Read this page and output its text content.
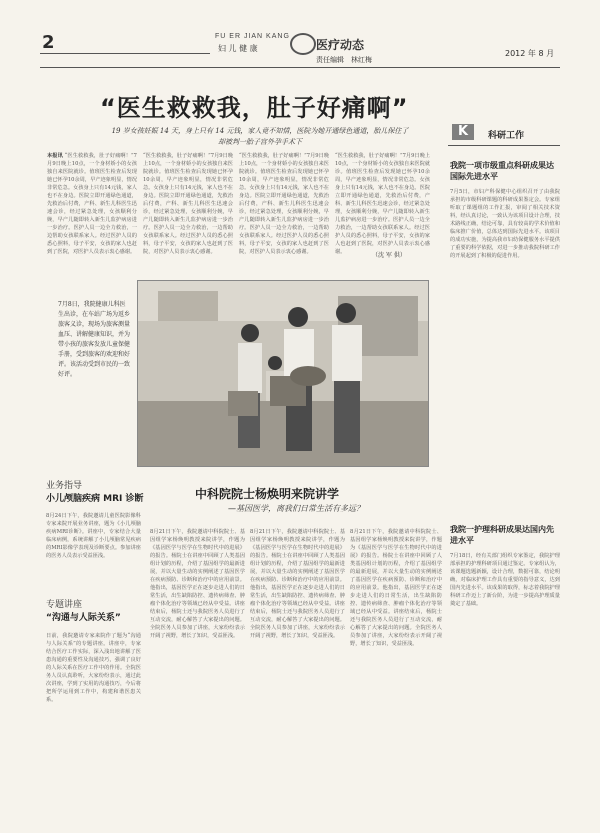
2	FU ER JIAN KANG
妇 儿 健 康	医疗动态
责任编辑　林红梅
2012 年 8 月
“医生救救我，肚子好痛啊”
19 岁女孩妊娠 14 天，身上只有 14 元钱，家人竟不知情，医院为她开通绿色通道，胎儿保住了却被判一胎子宫外孕手术下
本报讯 “医生救救我，肚子好痛啊！”7月9日晚上10点，一个身材娇小的女孩独自来医院就诊。值班医生检查后发现她已怀孕10余周，早产迹象明显，情况非常危急。女孩身上只有14元钱，家人也不在身边。医院立即开通绿色通道，先救治后付费，产科、新生儿科医生迅速会诊，经过紧急处理，女孩顺利分娩，早产儿随即转入新生儿监护病房进一步治疗。医护人员一边全力救治，一边帮助女孩联系家人。经过医护人员的悉心照料，母子平安，女孩的家人也赶到了医院，对医护人员表示衷心感谢。
“医生救救我，肚子好痛啊！”7月9日晚上10点，一个身材娇小的女孩独自来医院就诊。值班医生检查后发现她已怀孕10余周，早产迹象明显，情况非常危急。女孩身上只有14元钱，家人也不在身边。医院立即开通绿色通道，先救治后付费，产科、新生儿科医生迅速会诊，经过紧急处理，女孩顺利分娩，早产儿随即转入新生儿监护病房进一步治疗。医护人员一边全力救治，一边帮助女孩联系家人。经过医护人员的悉心照料，母子平安，女孩的家人也赶到了医院，对医护人员表示衷心感谢。
“医生救救我，肚子好痛啊！”7月9日晚上10点，一个身材娇小的女孩独自来医院就诊。值班医生检查后发现她已怀孕10余周，早产迹象明显，情况非常危急。女孩身上只有14元钱，家人也不在身边。医院立即开通绿色通道，先救治后付费，产科、新生儿科医生迅速会诊，经过紧急处理，女孩顺利分娩，早产儿随即转入新生儿监护病房进一步治疗。医护人员一边全力救治，一边帮助女孩联系家人。经过医护人员的悉心照料，母子平安，女孩的家人也赶到了医院，对医护人员表示衷心感谢。
“医生救救我，肚子好痛啊！”7月9日晚上10点，一个身材娇小的女孩独自来医院就诊。值班医生检查后发现她已怀孕10余周，早产迹象明显，情况非常危急。女孩身上只有14元钱，家人也不在身边。医院立即开通绿色通道，先救治后付费，产科、新生儿科医生迅速会诊，经过紧急处理，女孩顺利分娩，早产儿随即转入新生儿监护病房进一步治疗。医护人员一边全力救治，一边帮助女孩联系家人。经过医护人员的悉心照料，母子平安，女孩的家人也赶到了医院，对医护人员表示衷心感谢。	（沈 军 供）
K	科研工作
我院一项市级重点科研成果达国际先进水平
7月5日，市妇产科保健中心组织召开了由我院承担的市级科研课题的科研成果鉴定会。专家组听取了课题组的工作汇报，审阅了相关技术资料，经认真讨论，一致认为该项目设计合理，技术路线正确，结论可靠，具有较高的学术价值和临床推广价值，总体达到国际先进水平。该项目的成功实施，为提高我市妇幼保健服务水平提供了重要的科学依据，对进一步推动我院科研工作的开展起到了积极的促进作用。
我院一护理科研成果达国内先进水平
7月18日，经有关部门组织专家鉴定，我院护理部承担的护理科研项目通过鉴定。专家组认为，该课题选题新颖，设计合理，数据可靠，结论明确，对临床护理工作具有重要的指导意义，达到国内先进水平。该成果的取得，标志着我院护理科研工作迈上了新台阶，为进一步提高护理质量奠定了基础。
7月8日，我院健康儿科医生出诊，在车站广场为返乡旅客义诊，现场为旅客测量血压、讲解健康知识，并为带小孩的旅客发放儿童保健手册，受到旅客的欢迎和好评。该活动受到市民的一致好评。
业务指导
小儿颅脑疾病 MRI 诊断
8月24日下午，我院邀请儿童医院影像科专家来院开展业务讲座，题为《小儿颅脑疾病MRI诊断》。讲座中，专家结合大量临床病例，系统讲解了小儿颅脑常见疾病的MRI影像学表现及诊断要点。参加讲座的医务人员表示受益匪浅。
专题讲座
“沟通与人际关系”
日前，我院邀请专家来院作了题为“沟通与人际关系”的专题讲座。讲座中，专家结合医疗工作实际，深入浅出地讲解了医患沟通的重要性及沟通技巧，强调了良好的人际关系在医疗工作中的作用。全院医务人员认真聆听，大家纷纷表示，通过此次讲座，学到了实用的沟通技巧，今后将把所学运用到工作中，构建和谐医患关系。
中科院院士杨焕明来院讲学
—基因医学，离我们日常生活有多远？
8月21日下午，我院邀请中科院院士、基因组学家杨焕明教授来院讲学，作题为《基因医学与医学在生物时代中的进展》的报告。杨院士在讲座中回顾了人类基因组计划的历程，介绍了基因组学的最新进展，并以大量生动的实例阐述了基因医学在疾病预防、诊断和治疗中的应用前景。他指出，基因医学正在逐步走进人们的日常生活，出生缺陷防控、遗传病筛查、肿瘤个体化治疗等领域已经从中受益。讲座结束后，杨院士还与我院医务人员进行了互动交流，耐心解答了大家提出的问题。全院医务人员参加了讲座，大家纷纷表示开阔了视野，增长了知识，受益匪浅。
8月21日下午，我院邀请中科院院士、基因组学家杨焕明教授来院讲学，作题为《基因医学与医学在生物时代中的进展》的报告。杨院士在讲座中回顾了人类基因组计划的历程，介绍了基因组学的最新进展，并以大量生动的实例阐述了基因医学在疾病预防、诊断和治疗中的应用前景。他指出，基因医学正在逐步走进人们的日常生活，出生缺陷防控、遗传病筛查、肿瘤个体化治疗等领域已经从中受益。讲座结束后，杨院士还与我院医务人员进行了互动交流，耐心解答了大家提出的问题。全院医务人员参加了讲座，大家纷纷表示开阔了视野，增长了知识，受益匪浅。
8月21日下午，我院邀请中科院院士、基因组学家杨焕明教授来院讲学，作题为《基因医学与医学在生物时代中的进展》的报告。杨院士在讲座中回顾了人类基因组计划的历程，介绍了基因组学的最新进展，并以大量生动的实例阐述了基因医学在疾病预防、诊断和治疗中的应用前景。他指出，基因医学正在逐步走进人们的日常生活，出生缺陷防控、遗传病筛查、肿瘤个体化治疗等领域已经从中受益。讲座结束后，杨院士还与我院医务人员进行了互动交流，耐心解答了大家提出的问题。全院医务人员参加了讲座，大家纷纷表示开阔了视野，增长了知识，受益匪浅。
